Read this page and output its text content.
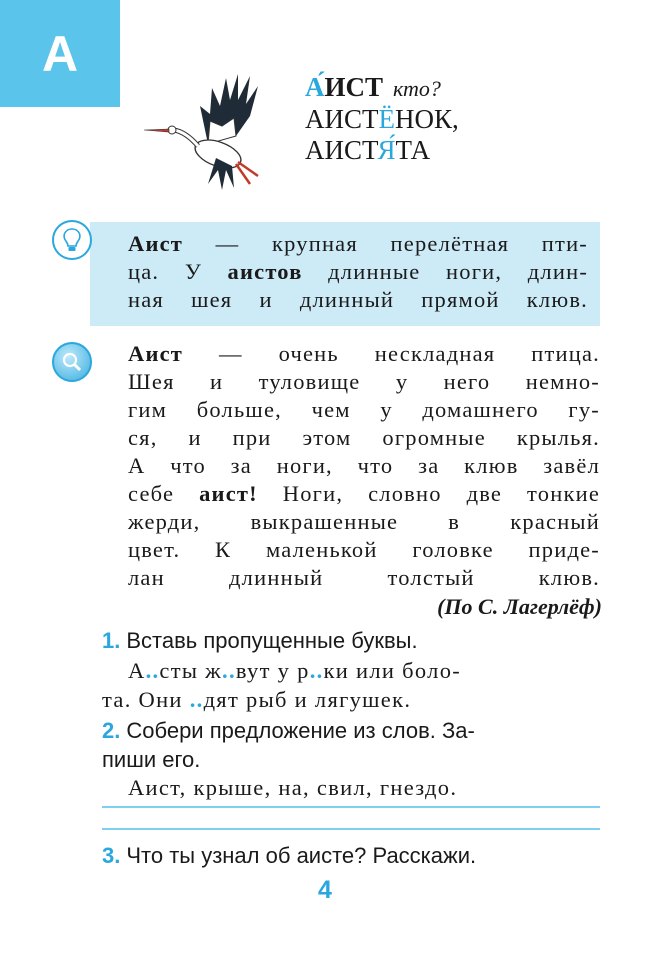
А
А́ИСТ кто?
АИСТЁНОК,
АИСТЯ́ТА
Аист — крупная перелётная пти-
ца. У аистов длинные ноги, длин-
ная шея и длинный прямой клюв.
Аист — очень нескладная птица.
Шея и туловище у него немно-
гим больше, чем у домашнего гу-
ся, и при этом огромные крылья.
А что за ноги, что за клюв завёл
себе аист! Ноги, словно две тонкие
жерди, выкрашенные в красный
цвет. К маленькой головке приде-
лан длинный толстый клюв.
(По С. Лагерлёф)
1. Вставь пропущенные буквы.
А..сты ж..вут у р..ки или боло-
та. Они ..дят рыб и лягушек.
2. Собери предложение из слов. За-
пиши его.
Аист, крыше, на, свил, гнездо.
3. Что ты узнал об аисте? Расскажи.
4
